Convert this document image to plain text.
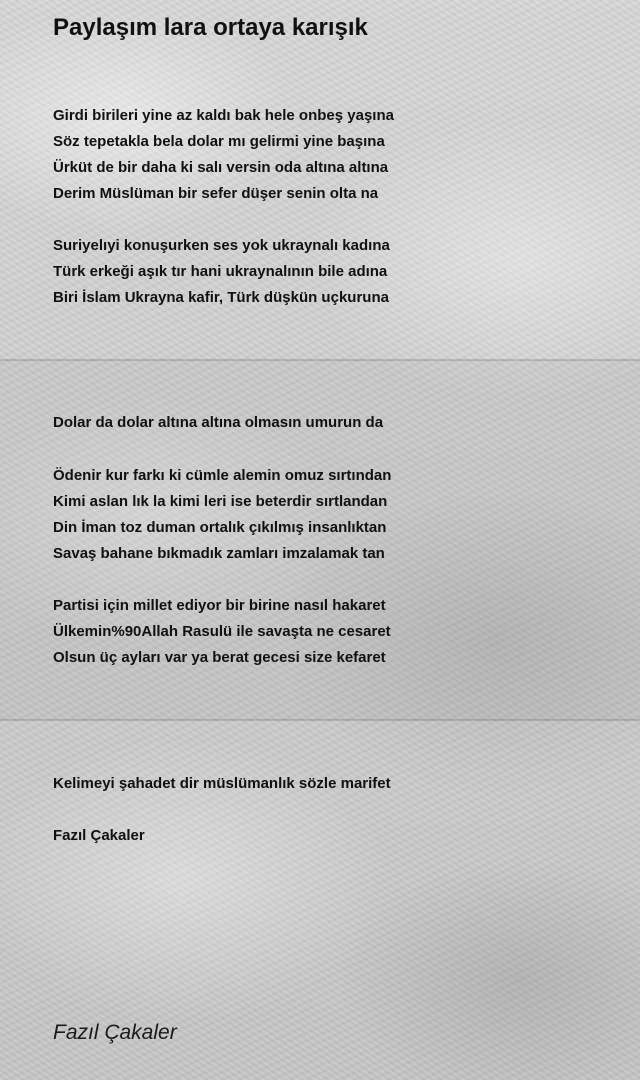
Paylaşım lara ortaya karışık
Girdi birileri yine az kaldı bak hele onbeş yaşına
Söz tepetakla bela dolar mı gelirmi yine başına
Ürküt de bir daha ki salı versin oda altına altına
Derim Müslüman bir sefer düşer senin olta na
Suriyelıyi konuşurken ses yok ukraynalı kadına
Türk erkeği aşık tır hani ukraynalının bile adına
Biri İslam Ukrayna kafir, Türk düşkün uçkuruna
Dolar da dolar altına altına olmasın umurun da
Ödenir kur farkı ki cümle alemin omuz sırtından
Kimi aslan lık la kimi leri ise beterdir sırtlandan
Din İman toz duman ortalık çıkılmış insanlıktan
Savaş bahane bıkmadık zamları imzalamak tan
Partisi için millet ediyor bir birine nasıl hakaret
Ülkemin%90Allah Rasulü ile savaşta ne cesaret
Olsun üç ayları var ya berat gecesi size kefaret
Kelimeyi şahadet dir müslümanlık sözle marifet
Fazıl Çakaler
Fazıl Çakaler
